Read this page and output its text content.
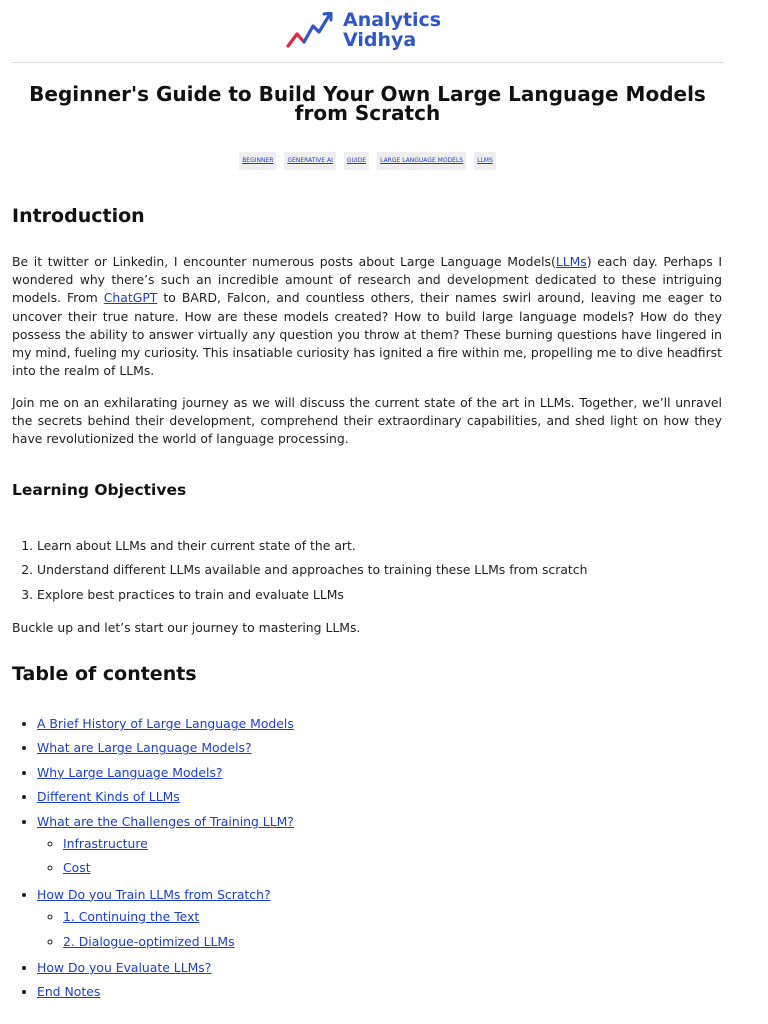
Analytics
Vidhya
Beginner's Guide to Build Your Own Large Language Models from Scratch
BEGINNER	GENERATIVE AI	GUIDE	LARGE LANGUAGE MODELS	LLMS
Introduction

Be it twitter or Linkedin, I encounter numerous posts about Large Language Models(LLMs) each day. Perhaps I wondered why there’s such an incredible amount of research and development dedicated to these intriguing models. From ChatGPT to BARD, Falcon, and countless others, their names swirl around, leaving me eager to uncover their true nature. How are these models created? How to build large language models? How do they possess the ability to answer virtually any question you throw at them? These burning questions have lingered in my mind, fueling my curiosity. This insatiable curiosity has ignited a fire within me, propelling me to dive headfirst into the realm of LLMs.

Join me on an exhilarating journey as we will discuss the current state of the art in LLMs. Together, we’ll unravel the secrets behind their development, comprehend their extraordinary capabilities, and shed light on how they have revolutionized the world of language processing.

Learning Objectives
1. Learn about LLMs and their current state of the art.
2. Understand different LLMs available and approaches to training these LLMs from scratch
3. Explore best practices to train and evaluate LLMs

Buckle up and let’s start our journey to mastering LLMs.

Table of contents
• A Brief History of Large Language Models
• What are Large Language Models?
• Why Large Language Models?
• Different Kinds of LLMs
• What are the Challenges of Training LLM?
◦ Infrastructure
◦ Cost
• How Do you Train LLMs from Scratch?
◦ 1. Continuing the Text
◦ 2. Dialogue-optimized LLMs
• How Do you Evaluate LLMs?
• End Notes
